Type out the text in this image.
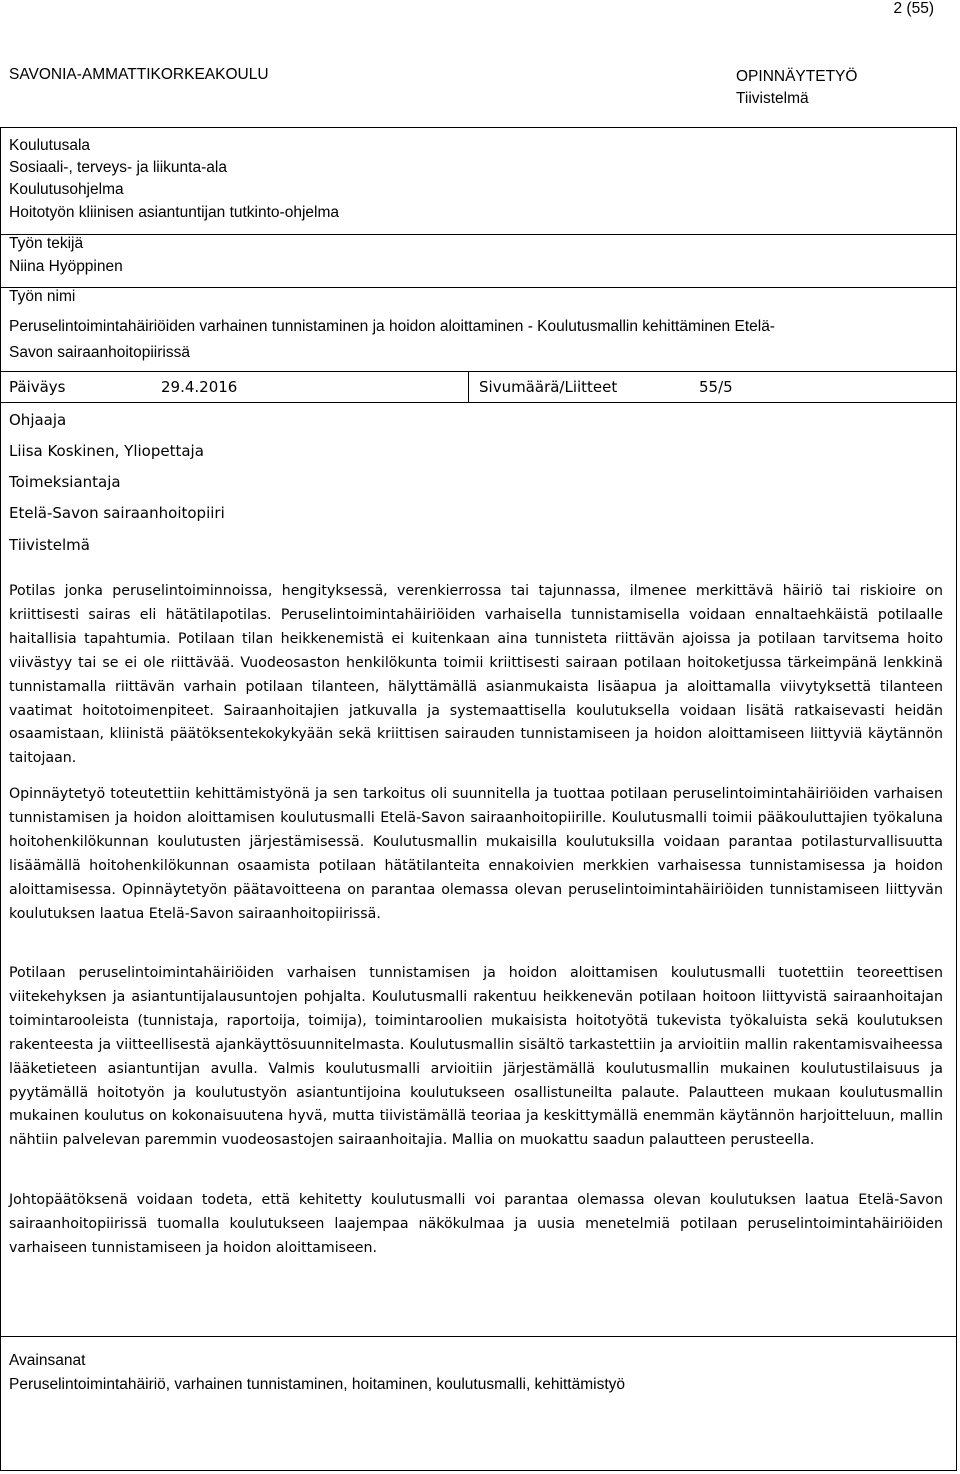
2 (55)
SAVONIA-AMMATTIKORKEAKOULU	OPINNÄYTETYÖ
Tiivistelmä
Koulutusala
Sosiaali-, terveys- ja liikunta-ala
Koulutusohjelma
Hoitotyön kliinisen asiantuntijan tutkinto-ohjelma
Työn tekijä
Niina Hyöppinen
Työn nimi
Peruselintoimintahäiriöiden varhainen tunnistaminen ja hoidon aloittaminen - Koulutusmallin kehittäminen Etelä-
Savon sairaanhoitopiirissä
Päiväys	29.4.2016	Sivumäärä/Liitteet	55/5
Ohjaaja
Liisa Koskinen, Yliopettaja
Toimeksiantaja
Etelä-Savon sairaanhoitopiiri
Tiivistelmä

Potilas jonka peruselintoiminnoissa, hengityksessä, verenkierrossa tai tajunnassa, ilmenee merkittävä häiriö tai riskioire on kriittisesti sairas eli hätätilapotilas. Peruselintoimintahäiriöiden varhaisella tunnistamisella voidaan ennaltaehkäistä potilaalle haitallisia tapahtumia. Potilaan tilan heikkenemistä ei kuitenkaan aina tunnisteta riittävän ajoissa ja potilaan tarvitsema hoito viivästyy tai se ei ole riittävää. Vuodeosaston henkilökunta toimii kriittisesti sairaan potilaan hoitoketjussa tärkeimpänä lenkkinä tunnistamalla riittävän varhain potilaan tilanteen, hälyttämällä asianmukaista lisäapua ja aloittamalla viivytyksettä tilanteen vaatimat hoitotoimenpiteet. Sairaanhoitajien jatkuvalla ja systemaattisella koulutuksella voidaan lisätä ratkaisevasti heidän osaamistaan, kliinistä päätöksentekokykyään sekä kriittisen sairauden tunnistamiseen ja hoidon aloittamiseen liittyviä käytännön taitojaan.

Opinnäytetyö toteutettiin kehittämistyönä ja sen tarkoitus oli suunnitella ja tuottaa potilaan peruselintoimintahäiriöiden varhaisen tunnistamisen ja hoidon aloittamisen koulutusmalli Etelä-Savon sairaanhoitopiirille. Koulutusmalli toimii pääkouluttajien työkaluna hoitohenkilökunnan koulutusten järjestämisessä. Koulutusmallin mukaisilla koulutuksilla voidaan parantaa potilasturvallisuutta lisäämällä hoitohenkilökunnan osaamista potilaan hätätilanteita ennakoivien merkkien varhaisessa tunnistamisessa ja hoidon aloittamisessa. Opinnäytetyön päätavoitteena on parantaa olemassa olevan peruselintoimintahäiriöiden tunnistamiseen liittyvän koulutuksen laatua Etelä-Savon sairaanhoitopiirissä.

Potilaan peruselintoimintahäiriöiden varhaisen tunnistamisen ja hoidon aloittamisen koulutusmalli tuotettiin teoreettisen viitekehyksen ja asiantuntijalausuntojen pohjalta. Koulutusmalli rakentuu heikkenevän potilaan hoitoon liittyvistä sairaanhoitajan toimintarooleista (tunnistaja, raportoija, toimija), toimintaroolien mukaisista hoitotyötä tukevista työkaluista sekä koulutuksen rakenteesta ja viitteellisestä ajankäyttösuunnitelmasta. Koulutusmallin sisältö tarkastettiin ja arvioitiin mallin rakentamisvaiheessa lääketieteen asiantuntijan avulla. Valmis koulutusmalli arvioitiin järjestämällä koulutusmallin mukainen koulutustilaisuus ja pyytämällä hoitotyön ja koulutustyön asiantuntijoina koulutukseen osallistuneilta palaute. Palautteen mukaan koulutusmallin mukainen koulutus on kokonaisuutena hyvä, mutta tiivistämällä teoriaa ja keskittymällä enemmän käytännön harjoitteluun, mallin nähtiin palvelevan paremmin vuodeosastojen sairaanhoitajia. Mallia on muokattu saadun palautteen perusteella.

Johtopäätöksenä voidaan todeta, että kehitetty koulutusmalli voi parantaa olemassa olevan koulutuksen laatua Etelä-Savon sairaanhoitopiirissä tuomalla koulutukseen laajempaa näkökulmaa ja uusia menetelmiä potilaan peruselintoimintahäiriöiden varhaiseen tunnistamiseen ja hoidon aloittamiseen.

Avainsanat
Peruselintoimintahäiriö, varhainen tunnistaminen, hoitaminen, koulutusmalli, kehittämistyö
